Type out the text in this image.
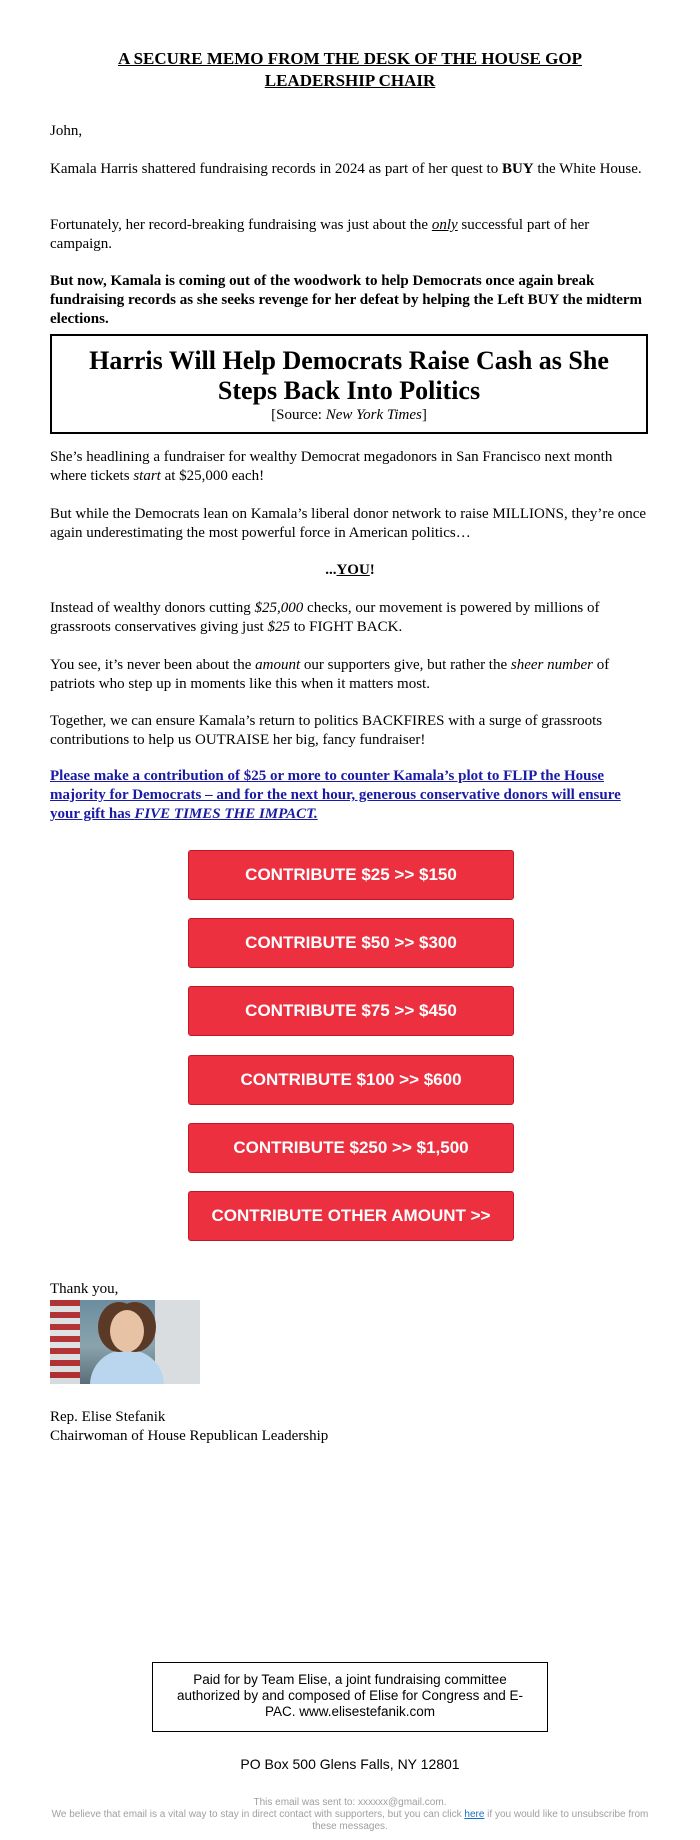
A SECURE MEMO FROM THE DESK OF THE HOUSE GOP
LEADERSHIP CHAIR

John,

Kamala Harris shattered fundraising records in 2024 as part of her quest to BUY the White House.

Fortunately, her record-breaking fundraising was just about the only successful part of her campaign.

But now, Kamala is coming out of the woodwork to help Democrats once again break fundraising records as she seeks revenge for her defeat by helping the Left BUY the midterm elections.

Harris Will Help Democrats Raise Cash as She Steps Back Into Politics
[Source: New York Times]

She’s headlining a fundraiser for wealthy Democrat megadonors in San Francisco next month where tickets start at $25,000 each!

But while the Democrats lean on Kamala’s liberal donor network to raise MILLIONS, they’re once again underestimating the most powerful force in American politics…

...YOU!

Instead of wealthy donors cutting $25,000 checks, our movement is powered by millions of grassroots conservatives giving just $25 to FIGHT BACK.

You see, it’s never been about the amount our supporters give, but rather the sheer number of patriots who step up in moments like this when it matters most.

Together, we can ensure Kamala’s return to politics BACKFIRES with a surge of grassroots contributions to help us OUTRAISE her big, fancy fundraiser!

Please make a contribution of $25 or more to counter Kamala’s plot to FLIP the House majority for Democrats – and for the next hour, generous conservative donors will ensure your gift has FIVE TIMES THE IMPACT.

CONTRIBUTE $25 >> $150
CONTRIBUTE $50 >> $300
CONTRIBUTE $75 >> $450
CONTRIBUTE $100 >> $600
CONTRIBUTE $250 >> $1,500
CONTRIBUTE OTHER AMOUNT >>

Thank you,

Rep. Elise Stefanik

Chairwoman of House Republican Leadership

Paid for by Team Elise, a joint fundraising committee authorized by and composed of Elise for Congress and E-PAC. www.elisestefanik.com
PO Box 500 Glens Falls, NY 12801
This email was sent to: xxxxxx@gmail.com.
We believe that email is a vital way to stay in direct contact with supporters, but you can click here if you would like to unsubscribe from these messages.
